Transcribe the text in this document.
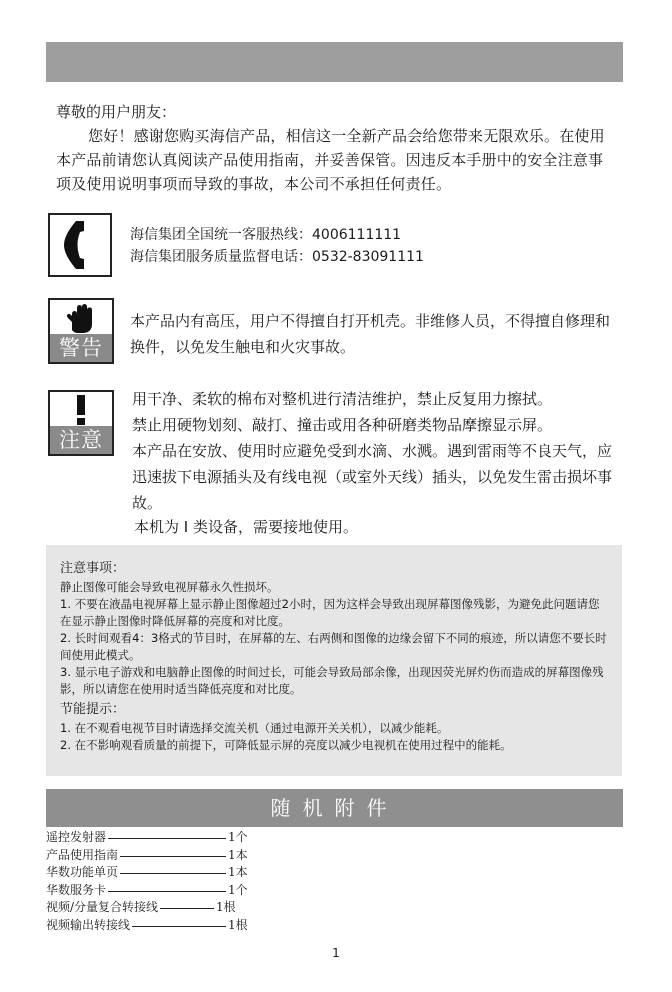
尊敬的用户朋友：

您好！感谢您购买海信产品，相信这一全新产品会给您带来无限欢乐。在使用本产品前请您认真阅读产品使用指南，并妥善保管。因违反本手册中的安全注意事项及使用说明事项而导致的事故，本公司不承担任何责任。

海信集团全国统一客服热线：4006111111
海信集团服务质量监督电话：0532-83091111
警告
本产品内有高压，用户不得擅自打开机壳。非维修人员，不得擅自修理和换件，以免发生触电和火灾事故。
注意

用干净、柔软的棉布对整机进行清洁维护，禁止反复用力擦拭。

禁止用硬物划刻、敲打、撞击或用各种研磨类物品摩擦显示屏。

本产品在安放、使用时应避免受到水滴、水溅。遇到雷雨等不良天气，应迅速拔下电源插头及有线电视（或室外天线）插头，以免发生雷击损坏事故。

本机为 Ⅰ 类设备，需要接地使用。

注意事项：

静止图像可能会导致电视屏幕永久性损坏。

1. 不要在液晶电视屏幕上显示静止图像超过2小时，因为这样会导致出现屏幕图像残影，为避免此问题请您在显示静止图像时降低屏幕的亮度和对比度。

2. 长时间观看4：3格式的节目时，在屏幕的左、右两侧和图像的边缘会留下不同的痕迹，所以请您不要长时间使用此模式。

3. 显示电子游戏和电脑静止图像的时间过长，可能会导致局部余像，出现因荧光屏灼伤而造成的屏幕图像残影，所以请您在使用时适当降低亮度和对比度。

节能提示：

1. 在不观看电视节目时请选择交流关机（通过电源开关关机），以减少能耗。

2. 在不影响观看质量的前提下，可降低显示屏的亮度以减少电视机在使用过程中的能耗。

随机附件
遥控发射器	1个
产品使用指南	1本
华数功能单页	1本
华数服务卡	1个
视频/分量复合转接线	1根
视频输出转接线	1根
1
